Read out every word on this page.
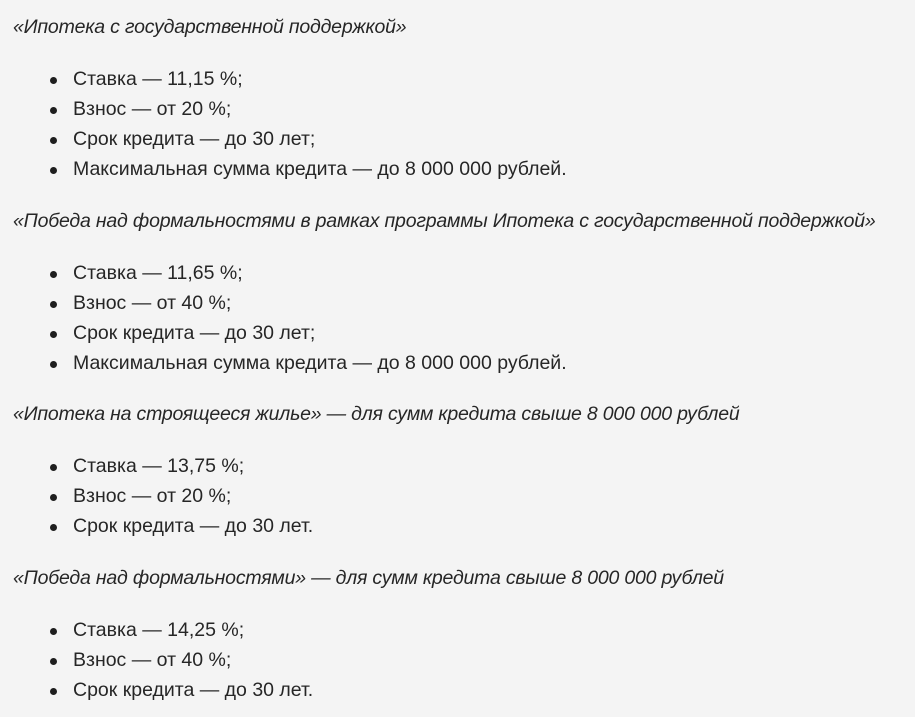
«Ипотека с государственной поддержкой»

Ставка — 11,15 %;
Взнос — от 20 %;
Срок кредита — до 30 лет;
Максимальная сумма кредита — до 8 000 000 рублей.

«Победа над формальностями в рамках программы Ипотека с государственной поддержкой»

Ставка — 11,65 %;
Взнос — от 40 %;
Срок кредита — до 30 лет;
Максимальная сумма кредита — до 8 000 000 рублей.

«Ипотека на строящееся жилье» — для сумм кредита свыше 8 000 000 рублей

Ставка — 13,75 %;
Взнос — от 20 %;
Срок кредита — до 30 лет.

«Победа над формальностями» — для сумм кредита свыше 8 000 000 рублей

Ставка — 14,25 %;
Взнос — от 40 %;
Срок кредита — до 30 лет.
